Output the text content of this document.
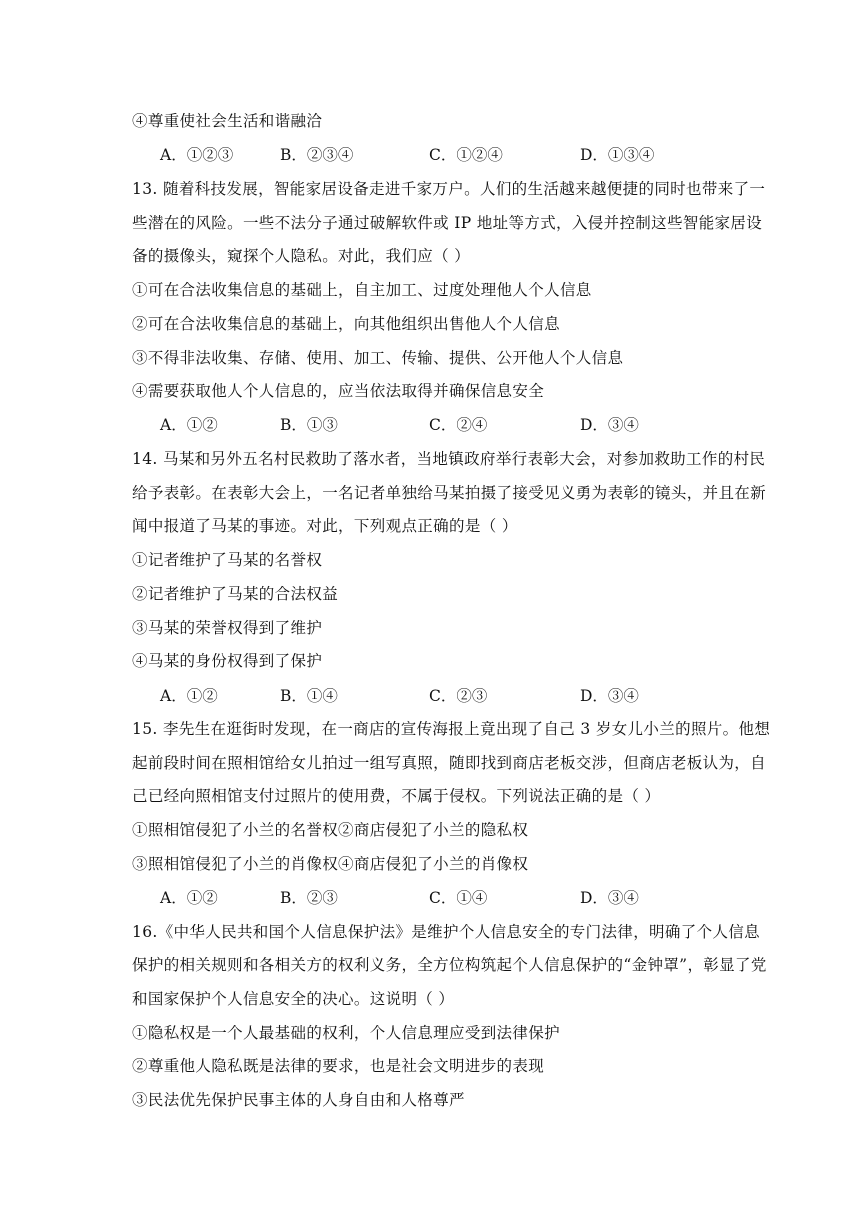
④尊重使社会生活和谐融洽
A．①②③	B．②③④	C．①②④	D．①③④
13. 随着科技发展，智能家居设备走进千家万户。人们的生活越来越便捷的同时也带来了一
些潜在的风险。一些不法分子通过破解软件或 IP 地址等方式，入侵并控制这些智能家居设
备的摄像头，窥探个人隐私。对此，我们应（ ）
①可在合法收集信息的基础上，自主加工、过度处理他人个人信息
②可在合法收集信息的基础上，向其他组织出售他人个人信息
③不得非法收集、存储、使用、加工、传输、提供、公开他人个人信息
④需要获取他人个人信息的，应当依法取得并确保信息安全
A．①②	B．①③	C．②④	D．③④
14. 马某和另外五名村民救助了落水者，当地镇政府举行表彰大会，对参加救助工作的村民
给予表彰。在表彰大会上，一名记者单独给马某拍摄了接受见义勇为表彰的镜头，并且在新
闻中报道了马某的事迹。对此，下列观点正确的是（ ）
①记者维护了马某的名誉权
②记者维护了马某的合法权益
③马某的荣誉权得到了维护
④马某的身份权得到了保护
A．①②	B．①④	C．②③	D．③④
15. 李先生在逛街时发现，在一商店的宣传海报上竟出现了自己 3 岁女儿小兰的照片。他想
起前段时间在照相馆给女儿拍过一组写真照，随即找到商店老板交涉，但商店老板认为，自
己已经向照相馆支付过照片的使用费，不属于侵权。下列说法正确的是（ ）
①照相馆侵犯了小兰的名誉权②商店侵犯了小兰的隐私权
③照相馆侵犯了小兰的肖像权④商店侵犯了小兰的肖像权
A．①②	B．②③	C．①④	D．③④
16.《中华人民共和国个人信息保护法》是维护个人信息安全的专门法律，明确了个人信息
保护的相关规则和各相关方的权利义务，全方位构筑起个人信息保护的“金钟罩”，彰显了党
和国家保护个人信息安全的决心。这说明（ ）
①隐私权是一个人最基础的权利，个人信息理应受到法律保护
②尊重他人隐私既是法律的要求，也是社会文明进步的表现
③民法优先保护民事主体的人身自由和人格尊严
